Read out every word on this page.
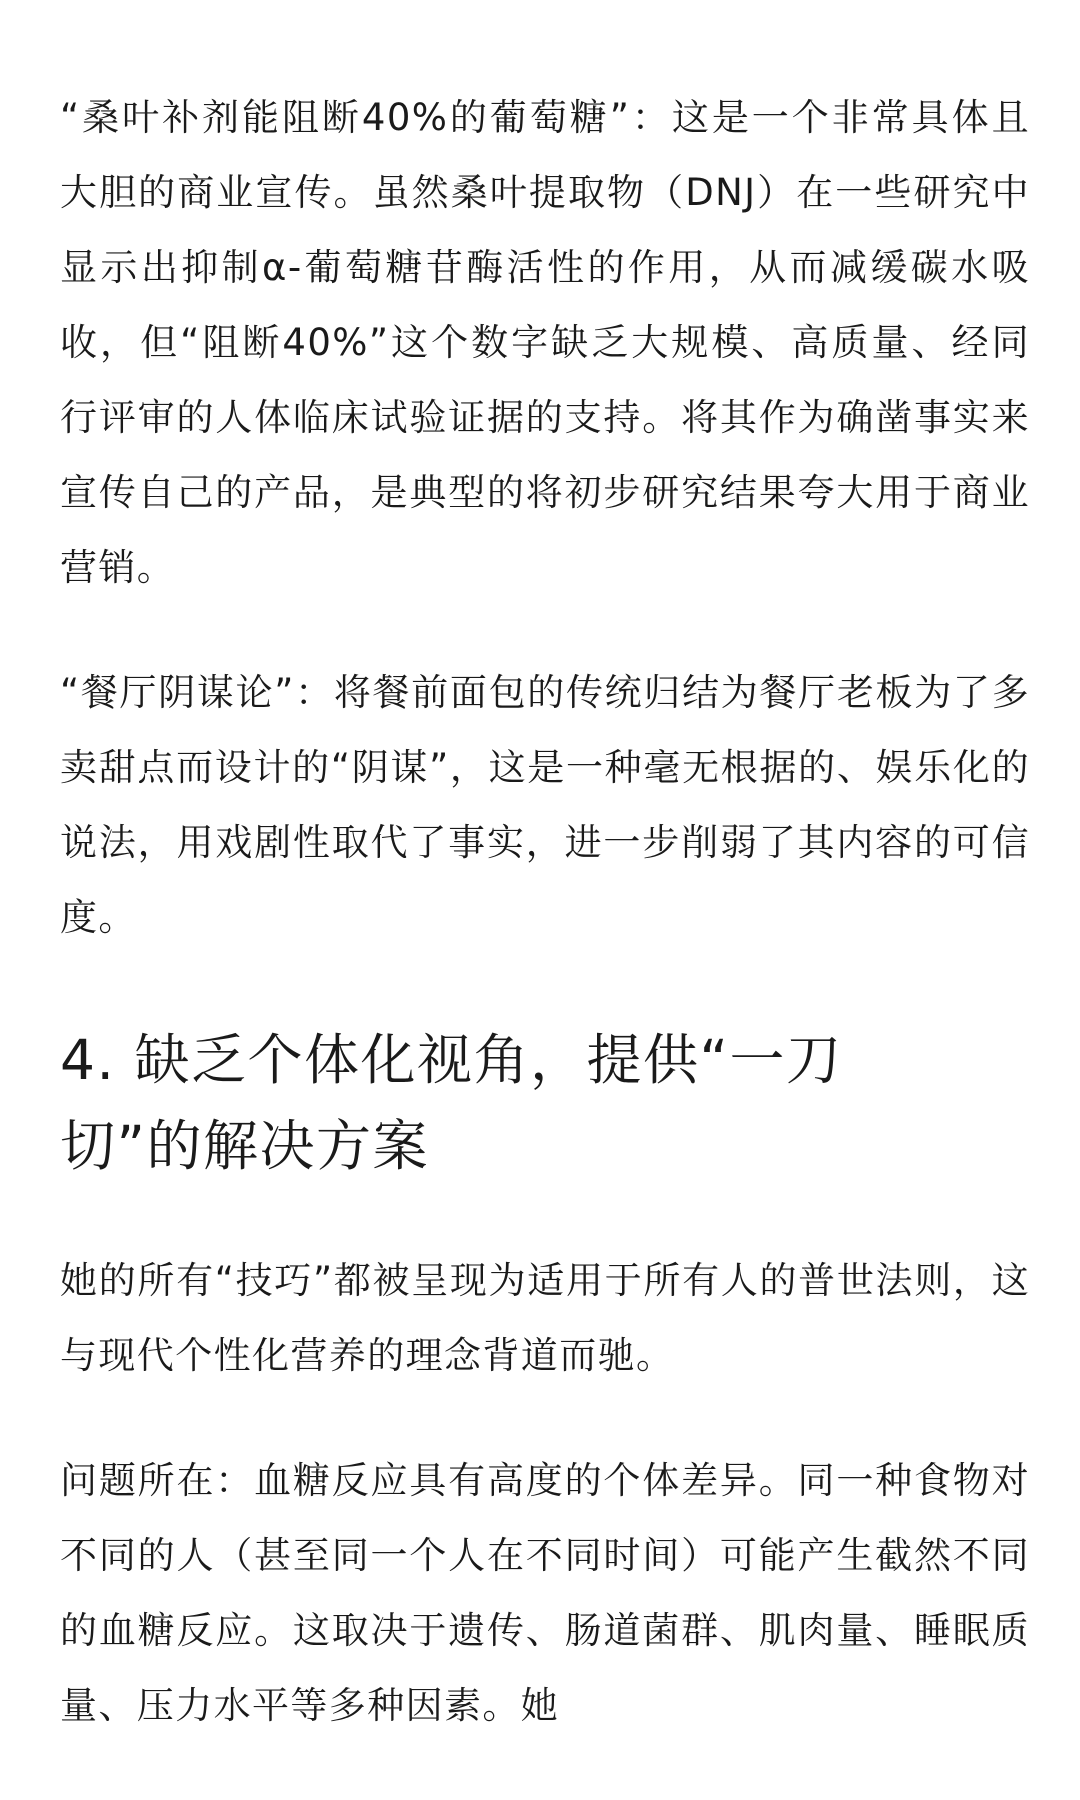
“桑叶补剂能阻断40%的葡萄糖”：这是一个非常具体且大胆的商业宣传。虽然桑叶提取物（DNJ）在一些研究中显示出抑制α-葡萄糖苷酶活性的作用，从而减缓碳水吸收，但“阻断40%”这个数字缺乏大规模、高质量、经同行评审的人体临床试验证据的支持。将其作为确凿事实来宣传自己的产品，是典型的将初步研究结果夸大用于商业营销。

“餐厅阴谋论”：将餐前面包的传统归结为餐厅老板为了多卖甜点而设计的“阴谋”，这是一种毫无根据的、娱乐化的说法，用戏剧性取代了事实，进一步削弱了其内容的可信度。

4. 缺乏个体化视角，提供“一刀切”的解决方案

她的所有“技巧”都被呈现为适用于所有人的普世法则，这与现代个性化营养的理念背道而驰。

问题所在：血糖反应具有高度的个体差异。同一种食物对不同的人（甚至同一个人在不同时间）可能产生截然不同的血糖反应。这取决于遗传、肠道菌群、肌肉量、睡眠质量、压力水平等多种因素。她
